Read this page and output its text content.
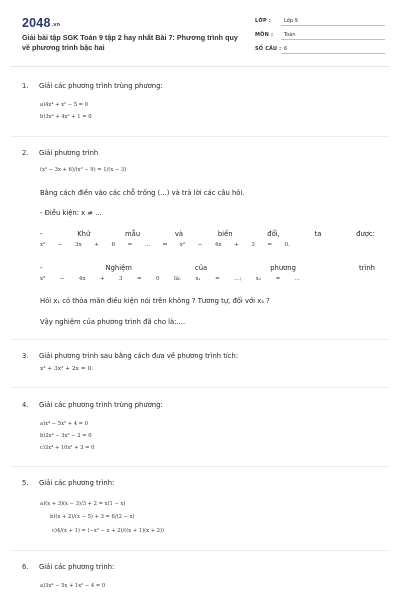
2048.vn
Giải bài tập SGK Toán 9 tập 2 hay nhất Bài 7: Phương trình quy về phương trình bậc hai
LỚP :	Lớp 9
MÔN : Toán
SỐ CÂU : 6
1. Giải các phương trình trùng phương:
a)4x⁴ + x² − 5 = 0
b)3x⁴ + 4x² + 1 = 0
2. Giải phương trình
(x² − 3x + 6)/(x² − 9) = 1/(x − 3)
Bằng cách điền vào các chỗ trống (...) và trả lời các câu hỏi.
- Điều kiện: x ≠ ...
-	Khử	mẫu	và	biến	đổi,	ta	được:
x² − 3x + 6 = ... ⇔ x² − 4x + 3 = 0.
-	Nghiệm	của	phương	trình
x²	−	4x	+	3	=	0	là:	x₁	=	...;	x₂	=	...
Hỏi x₁ có thỏa mãn điều kiện nói trên không ? Tương tự, đối với x₂ ?
Vậy nghiệm của phương trình đã cho là:....
3. Giải phương trình sau bằng cách đưa về phương trình tích:
x³ + 3x² + 2x = 0.
4. Giải các phương trình trùng phương:
a)x⁴ − 5x² + 4 = 0
b)2x⁴ − 3x² − 2 = 0
c)3x⁴ + 10x² + 3 = 0
5. Giải các phương trình:
a)(x + 3)(x − 3)/3 + 2 = x(1 − x)
b)(x + 2)/(x − 5) + 3 = 6/(2 − x)
c)4/(x + 1) = (−x² − x + 2)/((x + 1)(x + 2))
6. Giải các phương trình:
a)3x⁴ − 5x + 1x² − 4 = 0
